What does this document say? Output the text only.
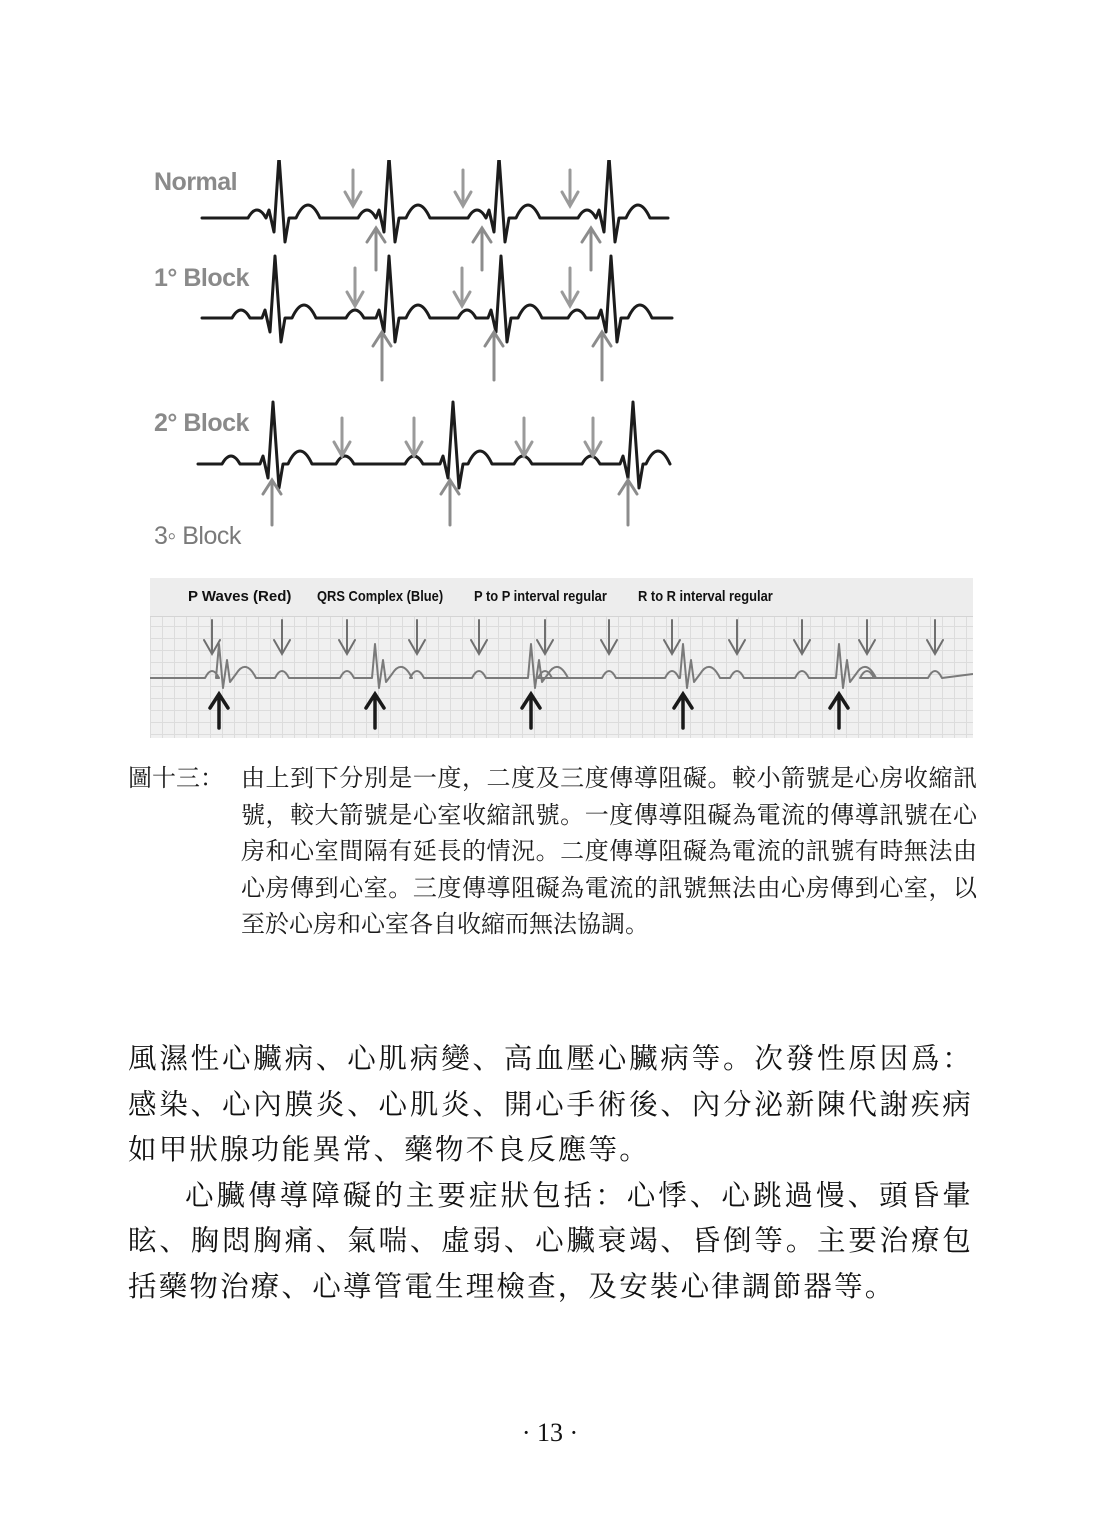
Normal
1° Block
2° Block
3◦ Block
P Waves (Red) QRS Complex (Blue) P to P interval regular R to R interval regular
圖十三： 由上到下分別是一度，二度及三度傳導阻礙。較小箭號是心房收縮訊號，較大箭號是心室收縮訊號。一度傳導阻礙為電流的傳導訊號在心房和心室間隔有延長的情況。二度傳導阻礙為電流的訊號有時無法由心房傳到心室。三度傳導阻礙為電流的訊號無法由心房傳到心室，以至於心房和心室各自收縮而無法協調。

風濕性心臟病、心肌病變、高血壓心臟病等。次發性原因爲：感染、心內膜炎、心肌炎、開心手術後、內分泌新陳代謝疾病如甲狀腺功能異常、藥物不良反應等。

心臟傳導障礙的主要症狀包括：心悸、心跳過慢、頭昏暈眩、胸悶胸痛、氣喘、虛弱、心臟衰竭、昏倒等。主要治療包括藥物治療、心導管電生理檢查，及安裝心律調節器等。

· 13 ·
